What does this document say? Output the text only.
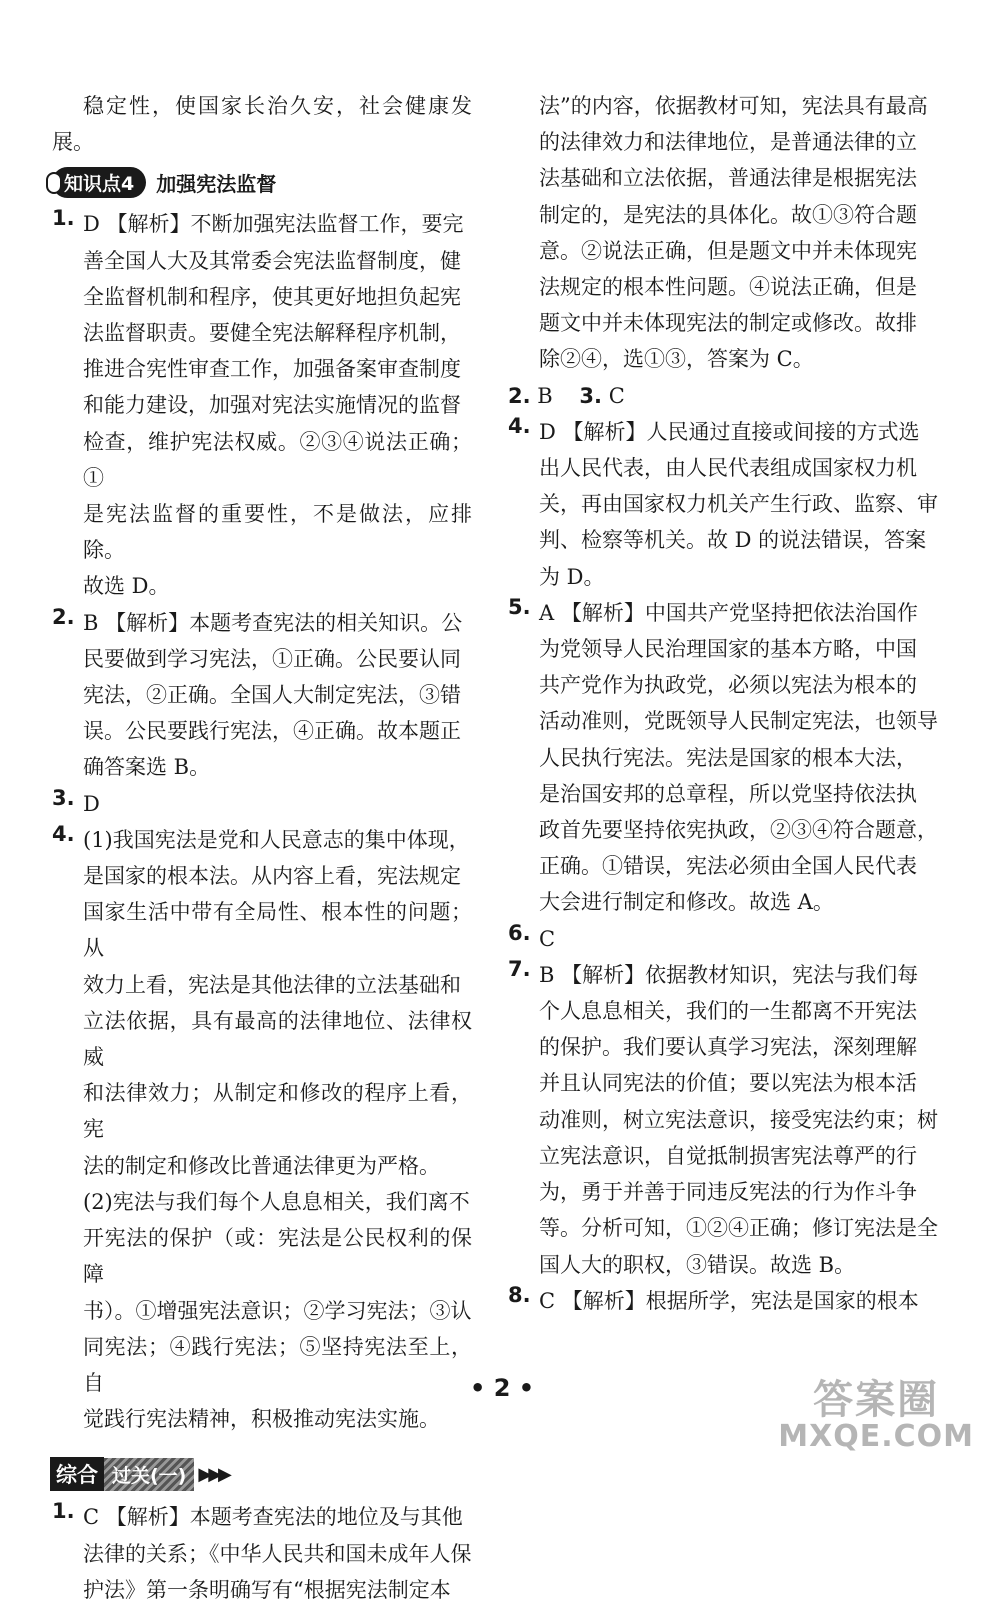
稳定性，使国家长治久安，社会健康发展。

知识点4	加强宪法监督
1. D 【解析】不断加强宪法监督工作，要完

善全国人大及其常委会宪法监督制度，健

全监督机制和程序，使其更好地担负起宪

法监督职责。要健全宪法解释程序机制，

推进合宪性审查工作，加强备案审查制度

和能力建设，加强对宪法实施情况的监督

检查，维护宪法权威。②③④说法正确；①

是宪法监督的重要性，不是做法，应排除。

故选 D。

2. B 【解析】本题考查宪法的相关知识。公

民要做到学习宪法，①正确。公民要认同

宪法，②正确。全国人大制定宪法，③错

误。公民要践行宪法，④正确。故本题正

确答案选 B。

3. D

4. (1)我国宪法是党和人民意志的集中体现，

是国家的根本法。从内容上看，宪法规定

国家生活中带有全局性、根本性的问题；从

效力上看，宪法是其他法律的立法基础和

立法依据，具有最高的法律地位、法律权威

和法律效力；从制定和修改的程序上看，宪

法的制定和修改比普通法律更为严格。

(2)宪法与我们每个人息息相关，我们离不

开宪法的保护（或：宪法是公民权利的保障

书）。①增强宪法意识；②学习宪法；③认

同宪法；④践行宪法；⑤坚持宪法至上，自

觉践行宪法精神，积极推动宪法实施。

综合 过关(一) ▶▶▶
1. C 【解析】本题考查宪法的地位及与其他

法律的关系；《中华人民共和国未成年人保

护法》第一条明确写有“根据宪法制定本

法”的内容，依据教材可知，宪法具有最高

的法律效力和法律地位，是普通法律的立

法基础和立法依据，普通法律是根据宪法

制定的，是宪法的具体化。故①③符合题

意。②说法正确，但是题文中并未体现宪

法规定的根本性问题。④说法正确，但是

题文中并未体现宪法的制定或修改。故排

除②④，选①③，答案为 C。

2. B 3. C

4. D 【解析】人民通过直接或间接的方式选

出人民代表，由人民代表组成国家权力机

关，再由国家权力机关产生行政、监察、审

判、检察等机关。故 D 的说法错误，答案

为 D。

5. A 【解析】中国共产党坚持把依法治国作

为党领导人民治理国家的基本方略，中国

共产党作为执政党，必须以宪法为根本的

活动准则，党既领导人民制定宪法，也领导

人民执行宪法。宪法是国家的根本大法，

是治国安邦的总章程，所以党坚持依法执

政首先要坚持依宪执政，②③④符合题意，

正确。①错误，宪法必须由全国人民代表

大会进行制定和修改。故选 A。

6. C

7. B 【解析】依据教材知识，宪法与我们每

个人息息相关，我们的一生都离不开宪法

的保护。我们要认真学习宪法，深刻理解

并且认同宪法的价值；要以宪法为根本活

动准则，树立宪法意识，接受宪法约束；树

立宪法意识，自觉抵制损害宪法尊严的行

为，勇于并善于同违反宪法的行为作斗争

等。分析可知，①②④正确；修订宪法是全

国人大的职权，③错误。故选 B。

8. C 【解析】根据所学，宪法是国家的根本

• 2 •	答案圈
MXQE.COM
